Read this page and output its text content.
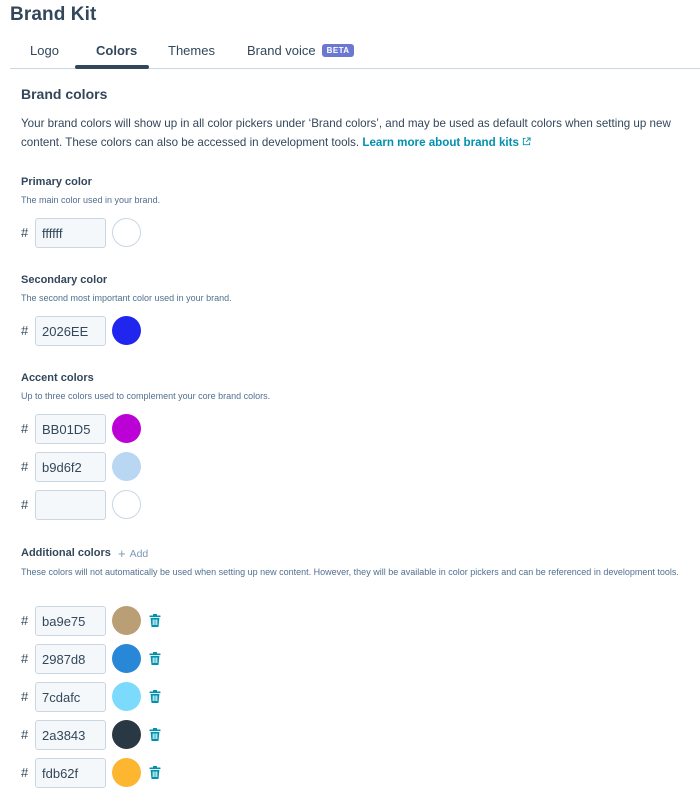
Brand Kit
Logo	Colors Themes Brand voice BETA
Brand colors
Your brand colors will show up in all color pickers under ‘Brand colors’, and may be used as default colors when setting up new content. These colors can also be accessed in development tools. Learn more about brand kits
Primary color
The main color used in your brand.
#
ffffff
Secondary color
The second most important color used in your brand.
#
2026EE
Accent colors
Up to three colors used to complement your core brand colors.
#
BB01D5
#
b9d6f2
#
Additional colors + Add
These colors will not automatically be used when setting up new content. However, they will be available in color pickers and can be referenced in development tools.
#
ba9e75
#
2987d8
#
7cdafc
#
2a3843
#
fdb62f
